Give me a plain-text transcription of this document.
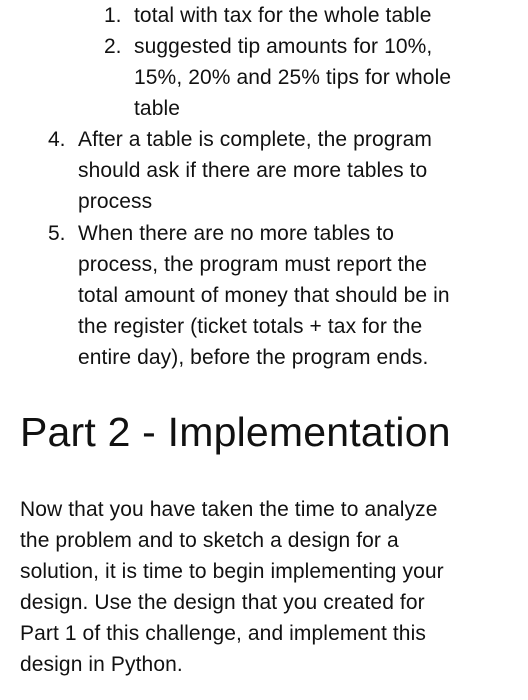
1. total with tax for the whole table
2. suggested tip amounts for 10%,
15%, 20% and 25% tips for whole
table
4. After a table is complete, the program
should ask if there are more tables to
process
5. When there are no more tables to
process, the program must report the
total amount of money that should be in
the register (ticket totals + tax for the
entire day), before the program ends.
Part 2 - Implementation
Now that you have taken the time to analyze
the problem and to sketch a design for a
solution, it is time to begin implementing your
design. Use the design that you created for
Part 1 of this challenge, and implement this
design in Python.
